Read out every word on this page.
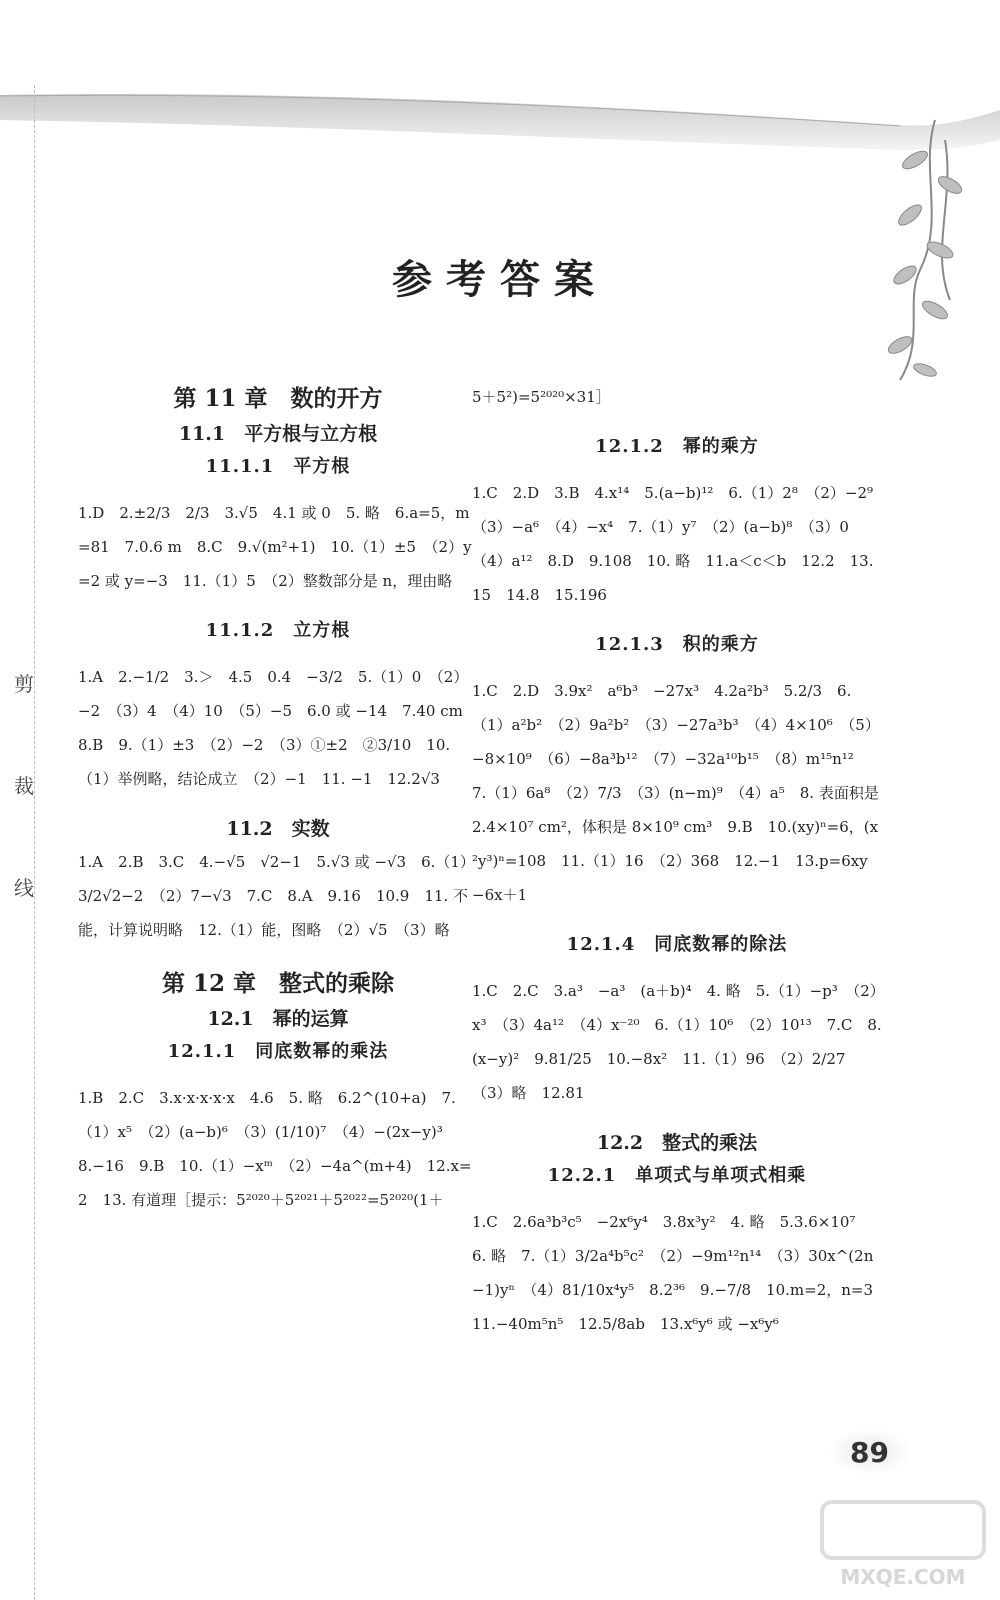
剪
裁
线
参考答案
第 11 章　数的开方
11.1　平方根与立方根
11.1.1　平方根
1.D　2.±2/3　2/3　3.√5　4.1 或 0　5. 略　6.a=5，m=81　7.0.6 m　8.C　9.√(m²+1)　10.（1）±5　（2）y=2 或 y=−3　11.（1）5　（2）整数部分是 n，理由略
11.1.2　立方根
1.A　2.−1/2　3.＞　4.5　0.4　−3/2　5.（1）0　（2）−2　（3）4　（4）10　（5）−5　6.0 或 −14　7.40 cm　8.B　9.（1）±3　（2）−2　（3）①±2　②3/10　10.（1）举例略，结论成立　（2）−1　11. −1　12.2√3
11.2　实数
1.A　2.B　3.C　4.−√5　√2−1　5.√3 或 −√3　6.（1）3/2√2−2　（2）7−√3　7.C　8.A　9.16　10.9　11. 不能，计算说明略　12.（1）能，图略　（2）√5　（3）略
第 12 章　整式的乘除
12.1　幂的运算
12.1.1　同底数幂的乘法
1.B　2.C　3.x·x·x·x·x　4.6　5. 略　6.2^(10+a)　7.（1）x⁵　（2）(a−b)⁶　（3）(1/10)⁷　（4）−(2x−y)³　8.−16　9.B　10.（1）−xᵐ　（2）−4a^(m+4)　12.x=2　13. 有道理［提示：5²⁰²⁰＋5²⁰²¹＋5²⁰²²=5²⁰²⁰(1＋
5＋5²)=5²⁰²⁰×31］
12.1.2　幂的乘方
1.C　2.D　3.B　4.x¹⁴　5.(a−b)¹²　6.（1）2⁸　（2）−2⁹　（3）−a⁶　（4）−x⁴　7.（1）y⁷　（2）(a−b)⁸　（3）0　（4）a¹²　8.D　9.108　10. 略　11.a＜c＜b　12.2　13.15　14.8　15.196
12.1.3　积的乘方
1.C　2.D　3.9x²　a⁶b³　−27x³　4.2a²b³　5.2/3　6.（1）a²b²　（2）9a²b²　（3）−27a³b³　（4）4×10⁶　（5）−8×10⁹　（6）−8a³b¹²　（7）−32a¹⁰b¹⁵　（8）m¹⁵n¹²　7.（1）6a⁸　（2）7/3　（3）(n−m)⁹　（4）a⁵　8. 表面积是 2.4×10⁷ cm²，体积是 8×10⁹ cm³　9.B　10.(xy)ⁿ=6，(x²y³)ⁿ=108　11.（1）16　（2）368　12.−1　13.p=6xy−6x＋1
12.1.4　同底数幂的除法
1.C　2.C　3.a³　−a³　(a＋b)⁴　4. 略　5.（1）−p³　（2）x³　（3）4a¹²　（4）x⁻²⁰　6.（1）10⁶　（2）10¹³　7.C　8.(x−y)²　9.81/25　10.−8x²　11.（1）96　（2）2/27　（3）略　12.81
12.2　整式的乘法
12.2.1　单项式与单项式相乘
1.C　2.6a³b³c⁵　−2x⁶y⁴　3.8x³y²　4. 略　5.3.6×10⁷　6. 略　7.（1）3/2a⁴b⁵c²　（2）−9m¹²n¹⁴　（3）30x^(2n−1)yⁿ　（4）81/10x⁴y⁵　8.2³⁶　9.−7/8　10.m=2，n=3　11.−40m⁵n⁵　12.5/8ab　13.x⁶y⁶ 或 −x⁶y⁶
89
MXQE.COM
